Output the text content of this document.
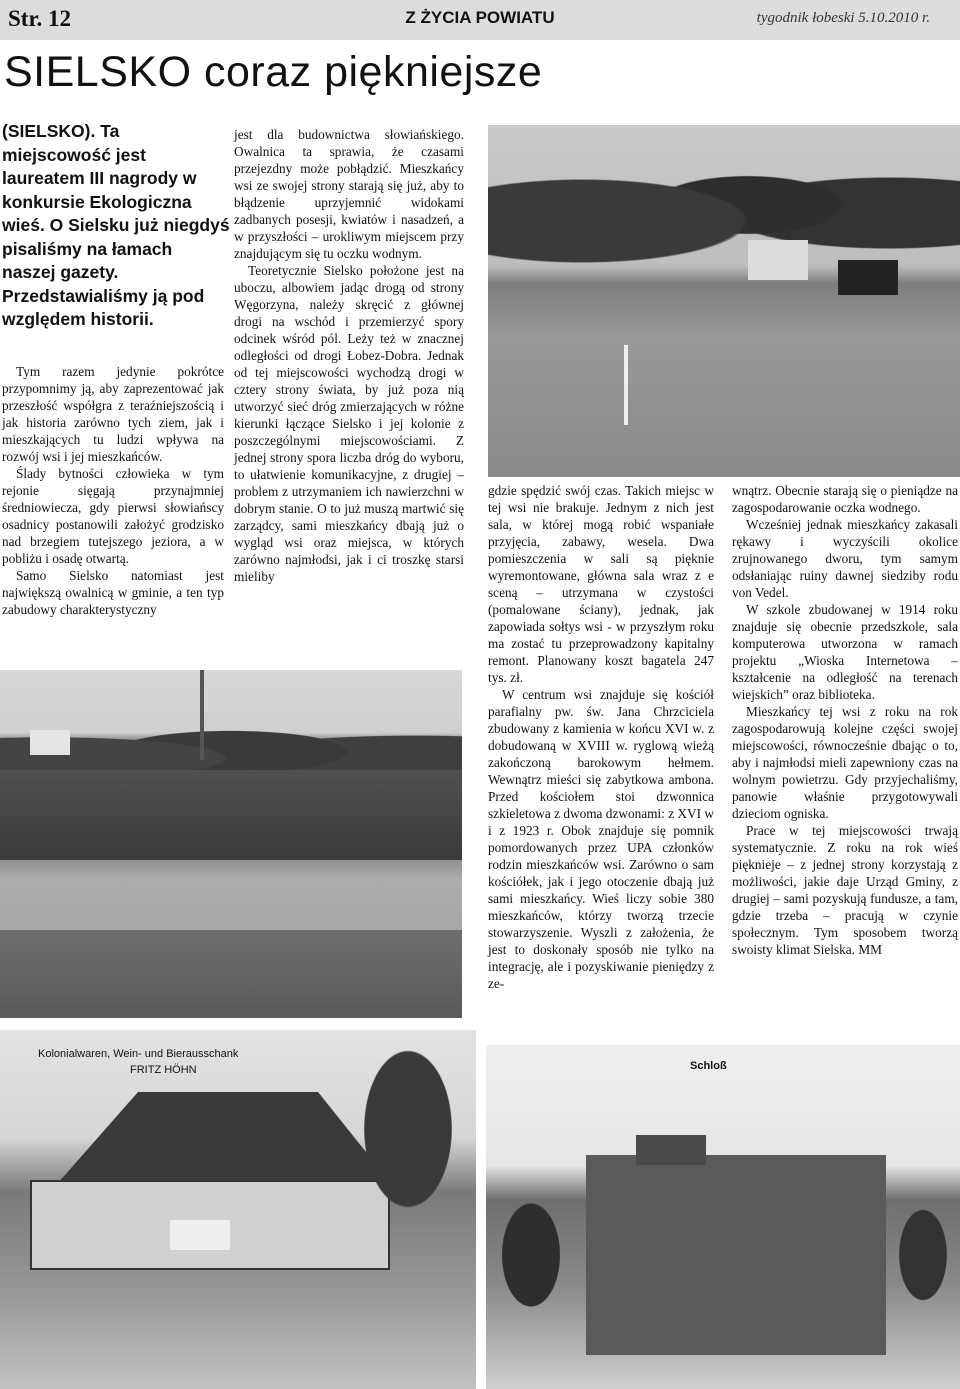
Str. 12	Z ŻYCIA POWIATU	tygodnik łobeski 5.10.2010 r.
SIELSKO coraz piękniejsze
(SIELSKO). Ta miejscowość jest laureatem III nagrody w konkursie Ekologiczna wieś. O Sielsku już niegdyś pisaliśmy na łamach naszej gazety. Przedstawialiśmy ją pod względem historii.

Tym razem jedynie pokrótce przypomnimy ją, aby zaprezentować jak przeszłość współgra z teraźniejszością i jak historia zarówno tych ziem, jak i mieszkających tu ludzi wpływa na rozwój wsi i jej mieszkańców.

Ślady bytności człowieka w tym rejonie sięgają przynajmniej średniowiecza, gdy pierwsi słowiańscy osadnicy postanowili założyć grodzisko nad brzegiem tutejszego jeziora, a w pobliżu i osadę otwartą.

Samo Sielsko natomiast jest największą owalnicą w gminie, a ten typ zabudowy charakterystyczny

jest dla budownictwa słowiańskiego. Owalnica ta sprawia, że czasami przejezdny może pobłądzić. Mieszkańcy wsi ze swojej strony starają się już, aby to błądzenie uprzyjemnić widokami zadbanych posesji, kwiatów i nasadzeń, a w przyszłości – urokliwym miejscem przy znajdującym się tu oczku wodnym.

Teoretycznie Sielsko położone jest na uboczu, albowiem jadąc drogą od strony Węgorzyna, należy skręcić z głównej drogi na wschód i przemierzyć spory odcinek wśród pól. Leży też w znacznej odległości od drogi Łobez-Dobra. Jednak od tej miejscowości wychodzą drogi w cztery strony świata, by już poza nią utworzyć sieć dróg zmierzających w różne kierunki łączące Sielsko i jej kolonie z poszczególnymi miejscowościami. Z jednej strony spora liczba dróg do wyboru, to ułatwienie komunikacyjne, z drugiej – problem z utrzymaniem ich nawierzchni w dobrym stanie. O to już muszą martwić się zarządcy, sami mieszkańcy dbają już o wygląd wsi oraz miejsca, w których zarówno najmłodsi, jak i ci troszkę starsi mieliby

gdzie spędzić swój czas. Takich miejsc w tej wsi nie brakuje. Jednym z nich jest sala, w której mogą robić wspaniałe przyjęcia, zabawy, wesela. Dwa pomieszczenia w sali są pięknie wyremontowane, główna sala wraz z e sceną – utrzymana w czystości (pomalowane ściany), jednak, jak zapowiada sołtys wsi - w przyszłym roku ma zostać tu przeprowadzony kapitalny remont. Planowany koszt bagatela 247 tys. zł.

W centrum wsi znajduje się kościół parafialny pw. św. Jana Chrzciciela zbudowany z kamienia w końcu XVI w. z dobudowaną w XVIII w. ryglową wieżą zakończoną barokowym hełmem. Wewnątrz mieści się zabytkowa ambona. Przed kościołem stoi dzwonnica szkieletowa z dwoma dzwonami: z XVI w i z 1923 r. Obok znajduje się pomnik pomordowanych przez UPA członków rodzin mieszkańców wsi. Zarówno o sam kościółek, jak i jego otoczenie dbają już sami mieszkańcy. Wieś liczy sobie 380 mieszkańców, którzy tworzą trzecie stowarzyszenie. Wyszli z założenia, że jest to doskonały sposób nie tylko na integrację, ale i pozyskiwanie pieniędzy z ze-

wnątrz. Obecnie starają się o pieniądze na zagospodarowanie oczka wodnego.

Wcześniej jednak mieszkańcy zakasali rękawy i wyczyścili okolice zrujnowanego dworu, tym samym odsłaniając ruiny dawnej siedziby rodu von Vedel.

W szkole zbudowanej w 1914 roku znajduje się obecnie przedszkole, sala komputerowa utworzona w ramach projektu „Wioska Internetowa – kształcenie na odległość na terenach wiejskich” oraz biblioteka.

Mieszkańcy tej wsi z roku na rok zagospodarowują kolejne części swojej miejscowości, równocześnie dbając o to, aby i najmłodsi mieli zapewniony czas na wolnym powietrzu. Gdy przyjechaliśmy, panowie właśnie przygotowywali dzieciom ogniska.

Prace w tej miejscowości trwają systematycznie. Z roku na rok wieś pięknieje – z jednej strony korzystają z możliwości, jakie daje Urząd Gminy, z drugiej – sami pozyskują fundusze, a tam, gdzie trzeba – pracują w czynie społecznym. Tym sposobem tworzą swoisty klimat Sielska. MM

Kolonialwaren, Wein- und Bierausschank
FRITZ HÖHN	Schloß
